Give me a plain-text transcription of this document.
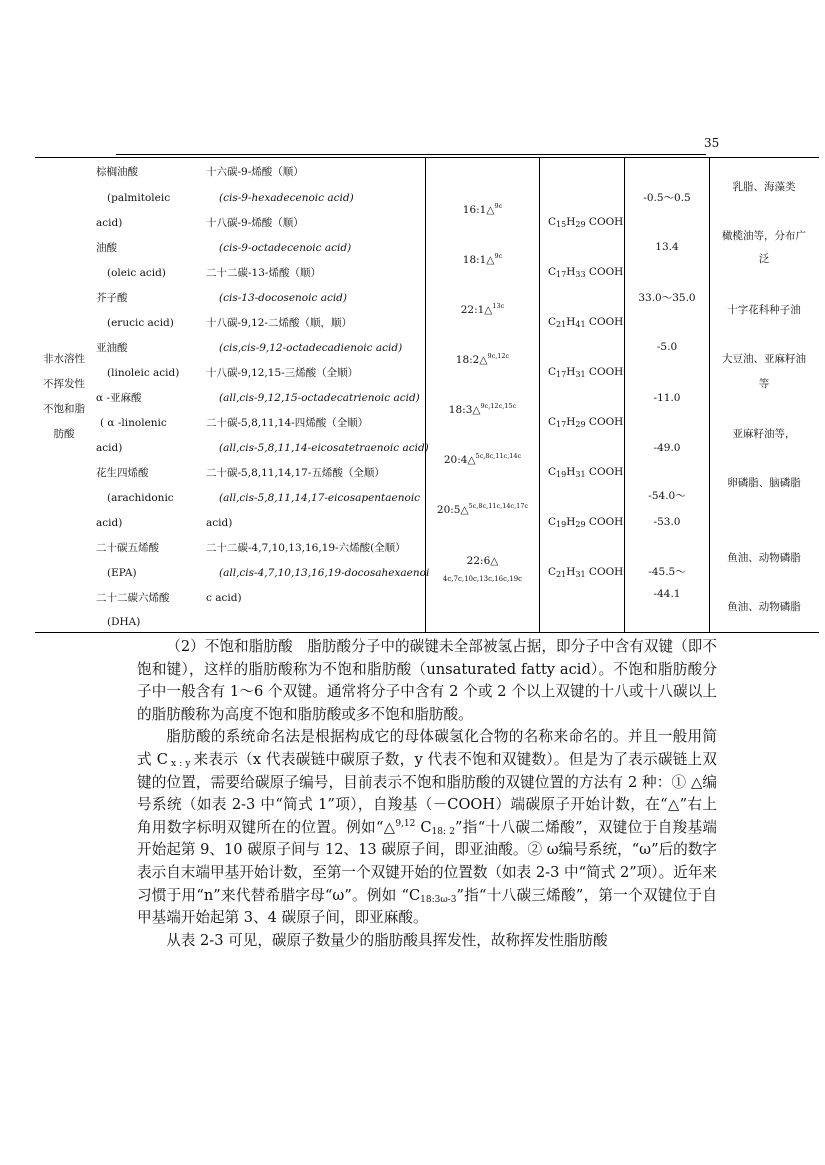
35
非水溶性
不挥发性
不饱和脂
肪酸
棕榈油酸
(palmitoleic
acid)
油酸
(oleic acid)
芥子酸
(erucic acid)
亚油酸
(linoleic acid)
α -亚麻酸
( α -linolenic
acid)
花生四烯酸
(arachidonic
acid)
二十碳五烯酸
(EPA)
二十二碳六烯酸
(DHA)
十六碳-9-烯酸（顺）
(cis-9-hexadecenoic acid)
十八碳-9-烯酸（顺）
(cis-9-octadecenoic acid)
二十二碳-13-烯酸（顺）
(cis-13-docosenoic acid)
十八碳-9,12-二烯酸（顺，顺）
(cis,cis-9,12-octadecadienoic acid)
十八碳-9,12,15-三烯酸（全顺）
(all,cis-9,12,15-octadecatrienoic acid)
二十碳-5,8,11,14-四烯酸（全顺）
(all,cis-5,8,11,14-eicosatetraenoic acid)
二十碳-5,8,11,14,17-五烯酸（全顺）
(all,cis-5,8,11,14,17-eicosapentaenoic
acid)
二十二碳-4,7,10,13,16,19-六烯酸(全顺）
(all,cis-4,7,10,13,16,19-docosahexaenoi
c acid)
16:1△$^{9c}$
18:1△$^{9c}$
22:1△$^{13c}$
18:2△$^{9c,12c}$
18:3△$^{9c,12c,15c}$
20:4△$^{5c,8c,11c,14c}$
20:5△$^{5c,8c,11c,14c,17c}$
22:6△
4c,7c,10c,13c,16c,19c
$C_{15}H_{29}$ COOH
$C_{17}H_{33}$ COOH
$C_{21}H_{41}$ COOH
$C_{17}H_{31}$ COOH
$C_{17}H_{29}$ COOH
$C_{19}H_{31}$ COOH
$C_{19}H_{29}$ COOH
$C_{21}H_{31}$ COOH
-0.5～0.5
13.4
33.0～35.0
-5.0
-11.0
-49.0
-54.0～
-53.0
-45.5～
-44.1
乳脂、海藻类
橄榄油等，分布广
泛
十字花科种子油
大豆油、亚麻籽油
等
亚麻籽油等，
卵磷脂、脑磷脂
鱼油、动物磷脂
鱼油、动物磷脂

（2）不饱和脂肪酸　脂肪酸分子中的碳键未全部被氢占据，即分子中含有双键（即不饱和键），这样的脂肪酸称为不饱和脂肪酸（unsaturated fatty acid）。不饱和脂肪酸分子中一般含有 1～6 个双键。通常将分子中含有 2 个或 2 个以上双键的十八或十八碳以上的脂肪酸称为高度不饱和脂肪酸或多不饱和脂肪酸。

脂肪酸的系统命名法是根据构成它的母体碳氢化合物的名称来命名的。并且一般用简式 C $_{x : y}$ 来表示（x 代表碳链中碳原子数，y 代表不饱和双键数）。但是为了表示碳链上双键的位置，需要给碳原子编号，目前表示不饱和脂肪酸的双键位置的方法有 2 种：① △编号系统（如表 2-3 中“简式 1”项），自羧基（－COOH）端碳原子开始计数，在“△”右上角用数字标明双键所在的位置。例如“△$^{9,12}$ $C_{18: 2}$”指“十八碳二烯酸”，双键位于自羧基端开始起第 9、10 碳原子间与 12、13 碳原子间，即亚油酸。② ω编号系统，“ω”后的数字表示自末端甲基开始计数，至第一个双键开始的位置数（如表 2-3 中“简式 2”项）。近年来习惯于用“n”来代替希腊字母“ω”。例如 “$C_{18:3\omega-3}$”指“十八碳三烯酸”，第一个双键位于自甲基端开始起第 3、4 碳原子间，即亚麻酸。

从表 2-3 可见，碳原子数量少的脂肪酸具挥发性，故称挥发性脂肪酸
